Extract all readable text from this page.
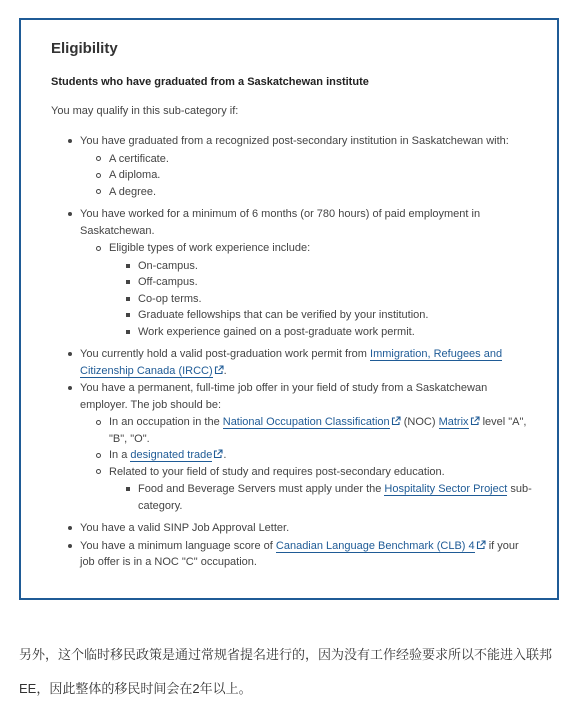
Eligibility
Students who have graduated from a Saskatchewan institute
You may qualify in this sub-category if:
You have graduated from a recognized post-secondary institution in Saskatchewan with:
A certificate.
A diploma.
A degree.
You have worked for a minimum of 6 months (or 780 hours) of paid employment in Saskatchewan.
Eligible types of work experience include:
On-campus.
Off-campus.
Co-op terms.
Graduate fellowships that can be verified by your institution.
Work experience gained on a post-graduate work permit.
You currently hold a valid post-graduation work permit from Immigration, Refugees and Citizenship Canada (IRCC) .
You have a permanent, full-time job offer in your field of study from a Saskatchewan employer. The job should be:
In an occupation in the National Occupation Classification (NOC) Matrix level "A", "B", "O".
In a designated trade .
Related to your field of study and requires post-secondary education.
Food and Beverage Servers must apply under the Hospitality Sector Project sub-category.
You have a valid SINP Job Approval Letter.
You have a minimum language score of Canadian Language Benchmark (CLB) 4 if your job offer is in a NOC "C" occupation.
另外，这个临时移民政策是通过常规省提名进行的，因为没有工作经验要求所以不能进入联邦EE，因此整体的移民时间会在2年以上。
